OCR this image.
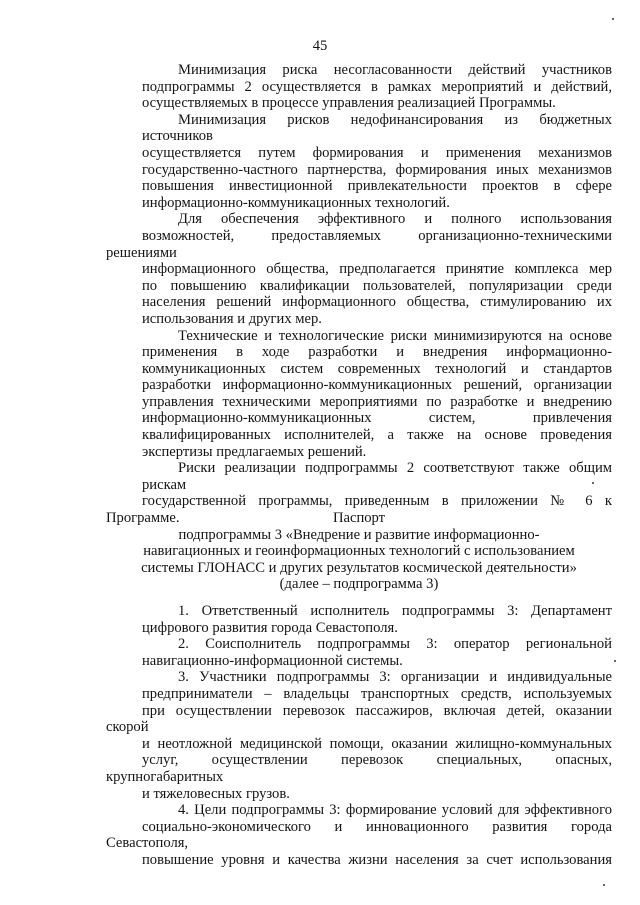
45

Минимизация риска несогласованности действий участников
подпрограммы 2 осуществляется в рамках мероприятий и действий,
осуществляемых в процессе управления реализацией Программы.

Минимизация рисков недофинансирования из бюджетных источников
осуществляется путем формирования и применения механизмов
государственно-частного партнерства, формирования иных механизмов
повышения инвестиционной привлекательности проектов в сфере
информационно-коммуникационных технологий.

Для обеспечения эффективного и полного использования
возможностей, предоставляемых организационно-техническими решениями
информационного общества, предполагается принятие комплекса мер
по повышению квалификации пользователей, популяризации среди
населения решений информационного общества, стимулированию их
использования и других мер.

Технические и технологические риски минимизируются на основе
применения в ходе разработки и внедрения информационно-
коммуникационных систем современных технологий и стандартов
разработки информационно-коммуникационных решений, организации
управления техническими мероприятиями по разработке и внедрению
информационно-коммуникационных систем, привлечения
квалифицированных исполнителей, а также на основе проведения
экспертизы предлагаемых решений.

Риски реализации подпрограммы 2 соответствуют также общим рискам
государственной программы, приведенным в приложении № 6 к Программе.	Паспорт
подпрограммы 3 «Внедрение и развитие информационно-
навигационных и геоинформационных технологий с использованием
системы ГЛОНАСС и других результатов космической деятельности»
(далее – подпрограмма 3)

1. Ответственный исполнитель подпрограммы 3: Департамент
цифрового развития города Севастополя.

2. Соисполнитель подпрограммы 3: оператор региональной
навигационно-информационной системы.

3. Участники подпрограммы 3: организации и индивидуальные
предприниматели – владельцы транспортных средств, используемых
при осуществлении перевозок пассажиров, включая детей, оказании скорой
и неотложной медицинской помощи, оказании жилищно-коммунальных
услуг, осуществлении перевозок специальных, опасных, крупногабаритных
и тяжеловесных грузов.

4. Цели подпрограммы 3: формирование условий для эффективного
социально-экономического и инновационного развития города Севастополя,
повышение уровня и качества жизни населения за счет использования
